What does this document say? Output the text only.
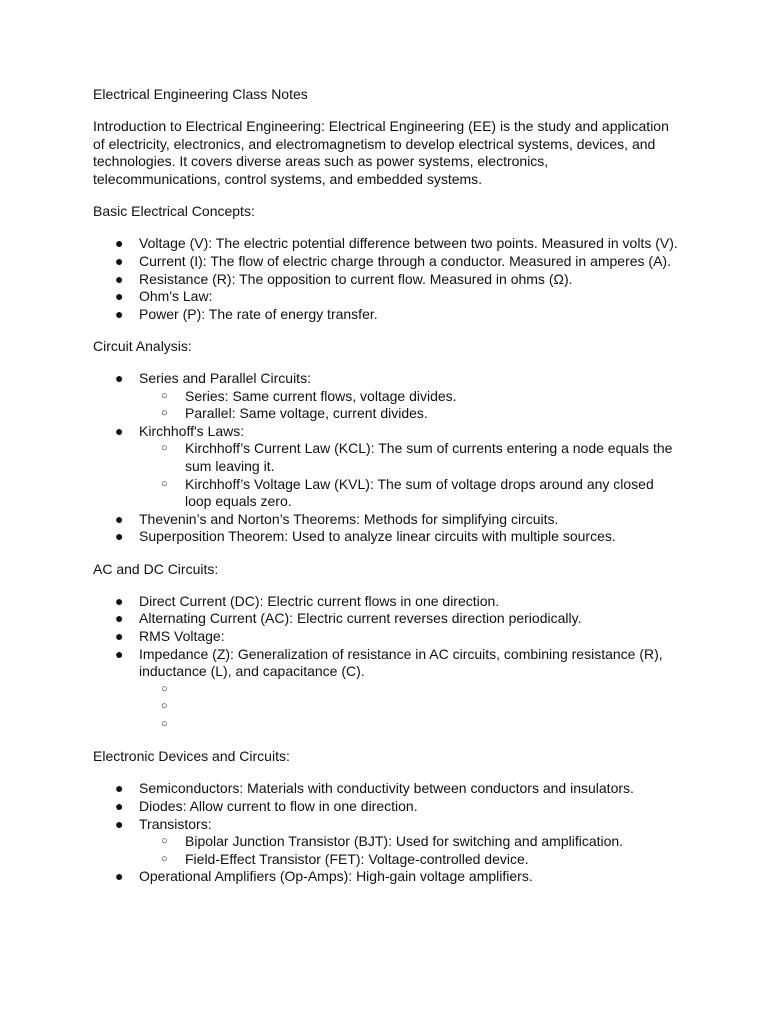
Electrical Engineering Class Notes

Introduction to Electrical Engineering: Electrical Engineering (EE) is the study and application of electricity, electronics, and electromagnetism to develop electrical systems, devices, and technologies. It covers diverse areas such as power systems, electronics, telecommunications, control systems, and embedded systems.

Basic Electrical Concepts:

● Voltage (V): The electric potential difference between two points. Measured in volts (V).
● Current (I): The flow of electric charge through a conductor. Measured in amperes (A).
● Resistance (R): The opposition to current flow. Measured in ohms (Ω).
● Ohm's Law:
● Power (P): The rate of energy transfer.

Circuit Analysis:

● Series and Parallel Circuits:
○ Series: Same current flows, voltage divides.
○ Parallel: Same voltage, current divides.
● Kirchhoff's Laws:
○ Kirchhoff’s Current Law (KCL): The sum of currents entering a node equals the sum leaving it.
○ Kirchhoff’s Voltage Law (KVL): The sum of voltage drops around any closed loop equals zero.
● Thevenin’s and Norton’s Theorems: Methods for simplifying circuits.
● Superposition Theorem: Used to analyze linear circuits with multiple sources.

AC and DC Circuits:

● Direct Current (DC): Electric current flows in one direction.
● Alternating Current (AC): Electric current reverses direction periodically.
● RMS Voltage:
● Impedance (Z): Generalization of resistance in AC circuits, combining resistance (R), inductance (L), and capacitance (C).
○
○
○

Electronic Devices and Circuits:

● Semiconductors: Materials with conductivity between conductors and insulators.
● Diodes: Allow current to flow in one direction.
● Transistors:
○ Bipolar Junction Transistor (BJT): Used for switching and amplification.
○ Field-Effect Transistor (FET): Voltage-controlled device.
● Operational Amplifiers (Op-Amps): High-gain voltage amplifiers.
